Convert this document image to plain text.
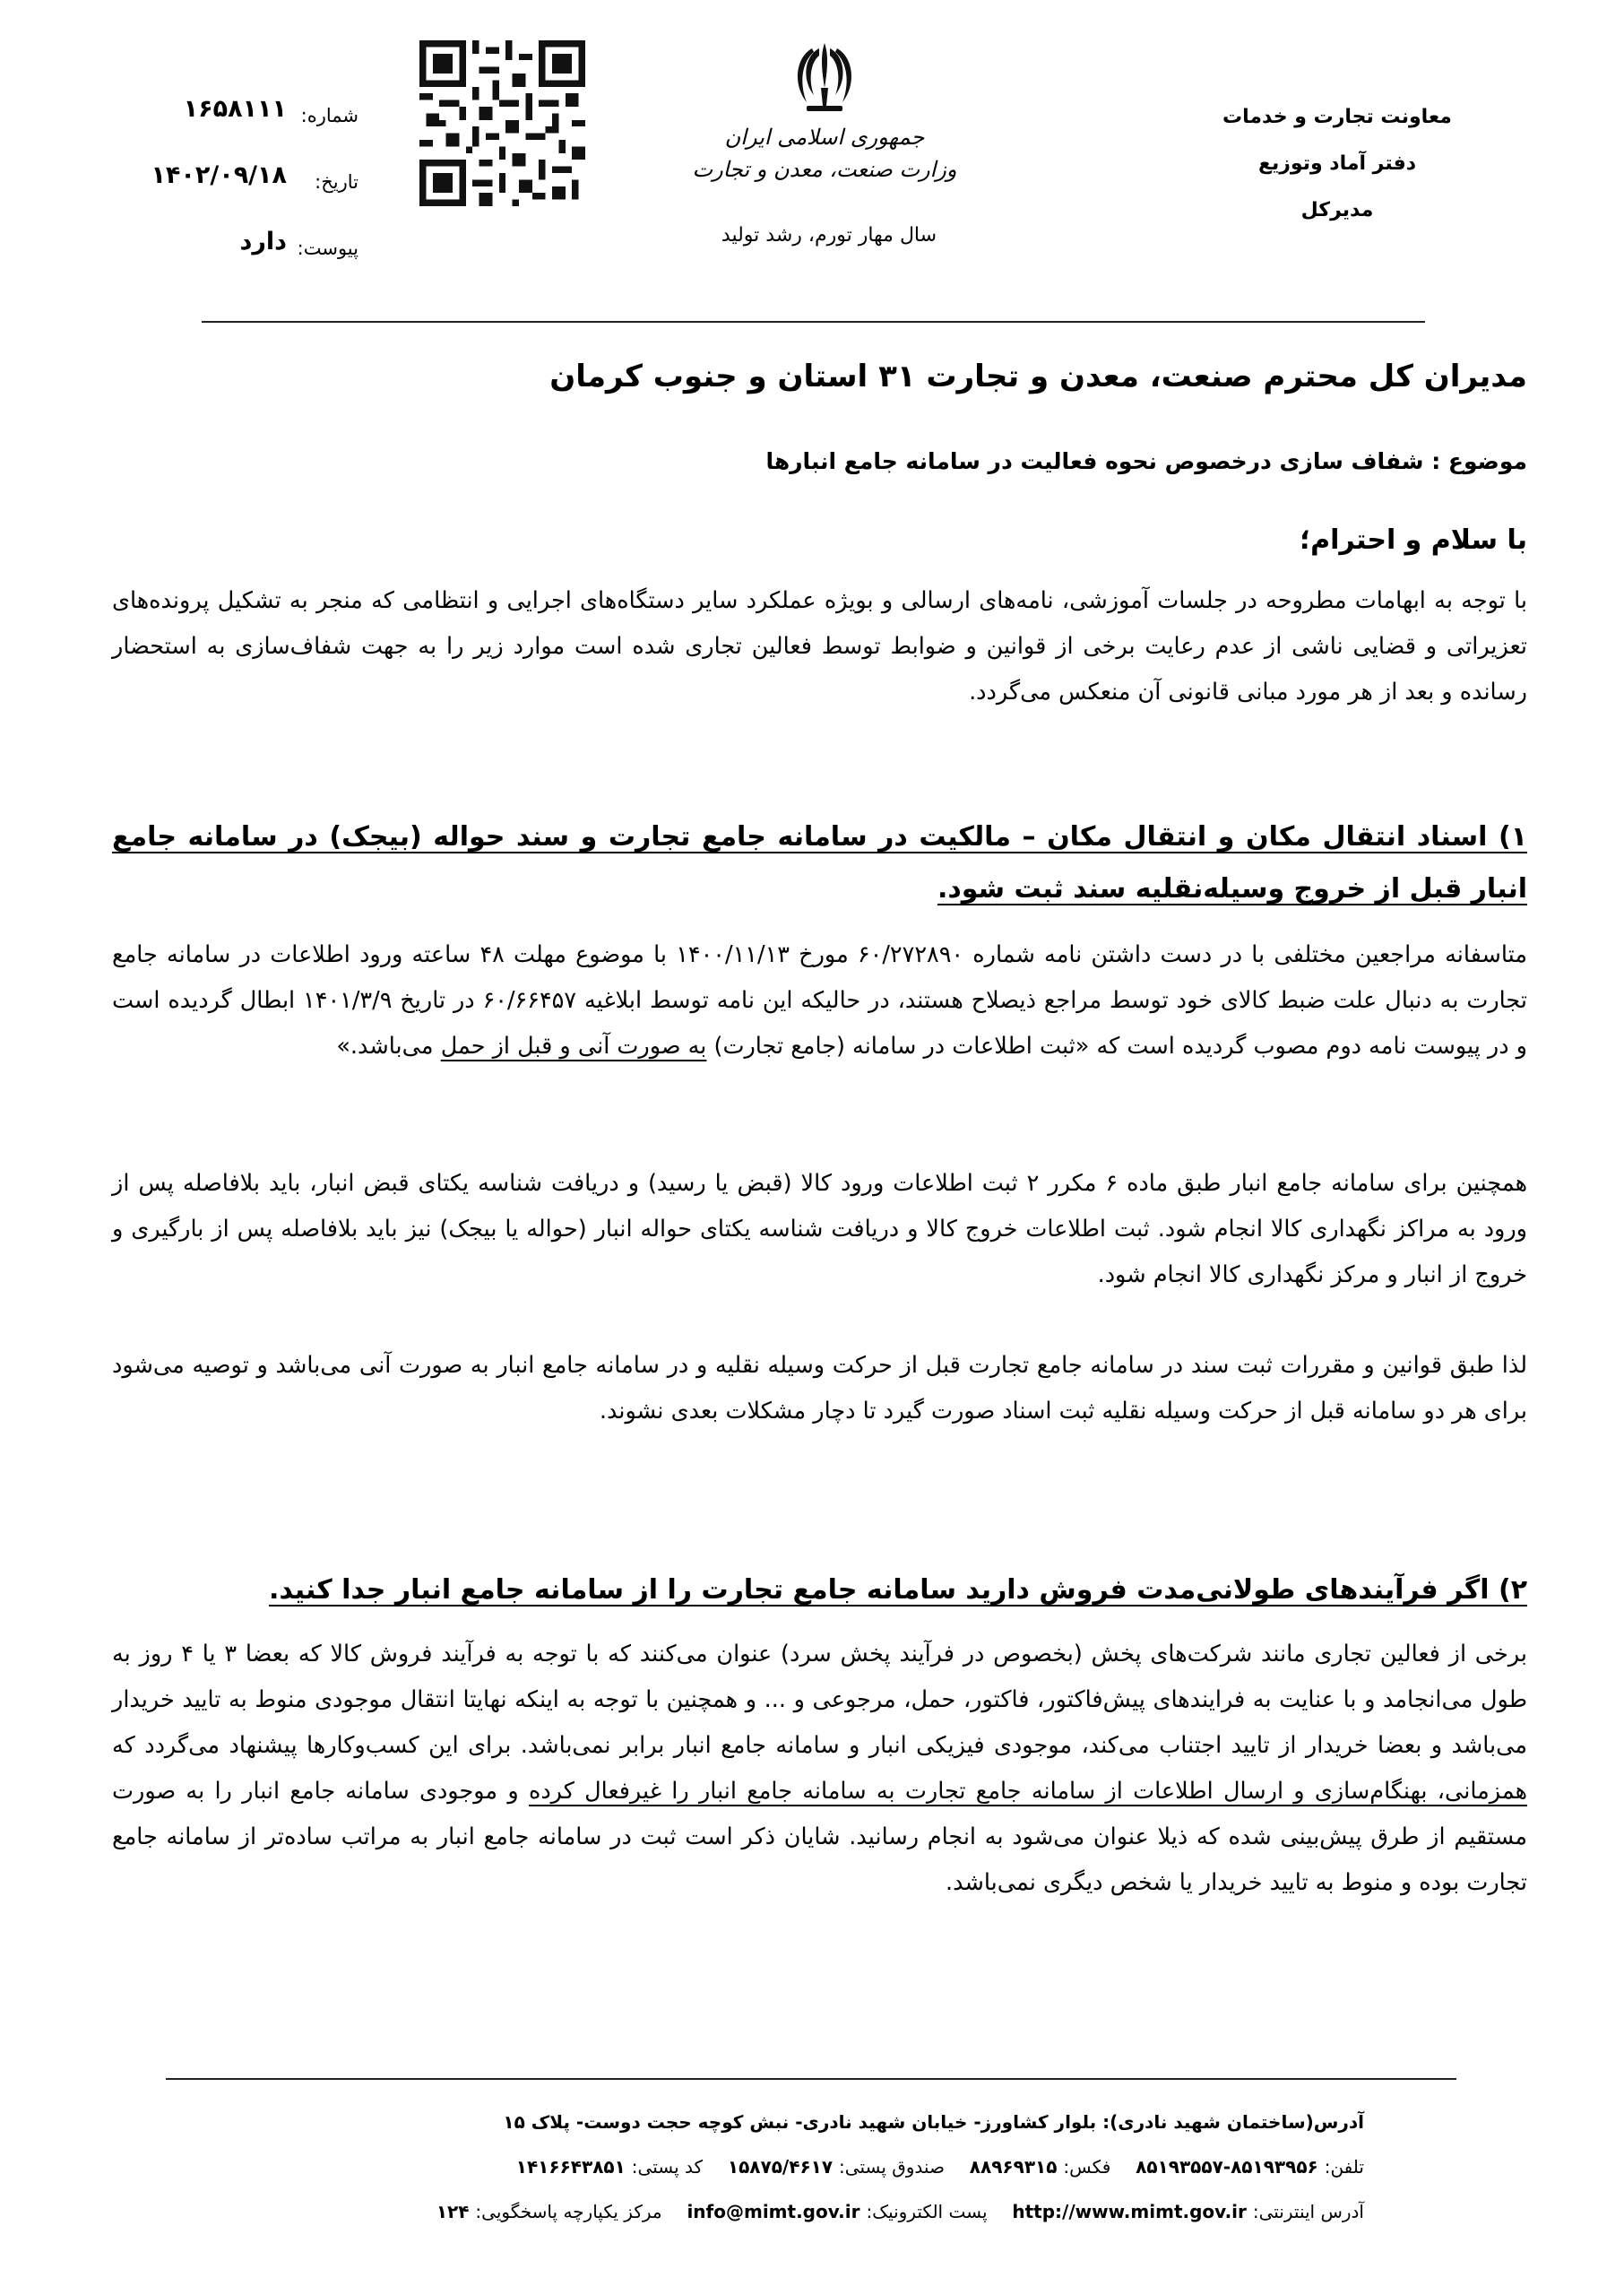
معاونت تجارت و خدمات
دفتر آماد وتوزیع
مدیرکل
جمهوری اسلامی ایران
وزارت صنعت، معدن و تجارت
سال مهار تورم، رشد تولید
شماره:
تاریخ:
پیوست:
۱۶۵۸۱۱۱
۱۴۰۲/۰۹/۱۸
دارد
مدیران کل محترم صنعت، معدن و تجارت ۳۱ استان و جنوب کرمان
موضوع : شفاف سازی درخصوص نحوه فعالیت در سامانه جامع انبارها
با سلام و احترام؛
با توجه به ابهامات مطروحه در جلسات آموزشی، نامه‌های ارسالی و بویژه عملکرد سایر دستگاه‌های اجرایی و انتظامی که منجر به تشکیل پرونده‌های تعزیراتی و قضایی ناشی از عدم رعایت برخی از قوانین و ضوابط توسط فعالین تجاری شده است موارد زیر را به جهت شفاف‌سازی به استحضار رسانده و بعد از هر مورد مبانی قانونی آن منعکس می‌گردد.
۱) اسناد انتقال مکان و انتقال مکان – مالکیت در سامانه جامع تجارت و سند حواله (بیجک) در سامانه جامع انبار قبل از خروج وسیله‌نقلیه سند ثبت شود.
متاسفانه مراجعین مختلفی با در دست داشتن نامه شماره ۶۰/۲۷۲۸۹۰ مورخ ۱۴۰۰/۱۱/۱۳ با موضوع مهلت ۴۸ ساعته ورود اطلاعات در سامانه جامع تجارت به دنبال علت ضبط کالای خود توسط مراجع ذیصلاح هستند، در حالیکه این نامه توسط ابلاغیه ۶۰/۶۶۴۵۷ در تاریخ ۱۴۰۱/۳/۹ ابطال گردیده است و در پیوست نامه دوم مصوب گردیده است که «ثبت اطلاعات در سامانه (جامع تجارت) به صورت آنی و قبل از حمل می‌باشد.»
همچنین برای سامانه جامع انبار طبق ماده ۶ مکرر ۲ ثبت اطلاعات ورود کالا (قبض یا رسید) و دریافت شناسه یکتای قبض انبار، باید بلافاصله پس از ورود به مراکز نگهداری کالا انجام شود. ثبت اطلاعات خروج کالا و دریافت شناسه یکتای حواله انبار (حواله یا بیجک) نیز باید بلافاصله پس از بارگیری و خروج از انبار و مرکز نگهداری کالا انجام شود.
لذا طبق قوانین و مقررات ثبت سند در سامانه جامع تجارت قبل از حرکت وسیله نقلیه و در سامانه جامع انبار به صورت آنی می‌باشد و توصیه می‌شود برای هر دو سامانه قبل از حرکت وسیله نقلیه ثبت اسناد صورت گیرد تا دچار مشکلات بعدی نشوند.
۲) اگر فرآیندهای طولانی‌مدت فروش دارید سامانه جامع تجارت را از سامانه جامع انبار جدا کنید.
برخی از فعالین تجاری مانند شرکت‌های پخش (بخصوص در فرآیند پخش سرد) عنوان می‌کنند که با توجه به فرآیند فروش کالا که بعضا ۳ یا ۴ روز به طول می‌انجامد و با عنایت به فرایندهای پیش‌فاکتور، فاکتور، حمل، مرجوعی و ... و همچنین با توجه به اینکه نهایتا انتقال موجودی منوط به تایید خریدار می‌باشد و بعضا خریدار از تایید اجتناب می‌کند، موجودی فیزیکی انبار و سامانه جامع انبار برابر نمی‌باشد. برای این کسب‌وکارها پیشنهاد می‌گردد که همزمانی، بهنگام‌سازی و ارسال اطلاعات از سامانه جامع تجارت به سامانه جامع انبار را غیرفعال کرده و موجودی سامانه جامع انبار را به صورت مستقیم از طرق پیش‌بینی شده که ذیلا عنوان می‌شود به انجام رسانید. شایان ذکر است ثبت در سامانه جامع انبار به مراتب ساده‌تر از سامانه جامع تجارت بوده و منوط به تایید خریدار یا شخص دیگری نمی‌باشد.
آدرس(ساختمان شهید نادری): بلوار کشاورز- خیابان شهید نادری- نبش کوچه حجت دوست- پلاک ۱۵
تلفن: ۸۵۱۹۳۹۵۶-۸۵۱۹۳۵۵۷    فکس: ۸۸۹۶۹۳۱۵    صندوق پستی: ۱۵۸۷۵/۴۶۱۷    کد پستی: ۱۴۱۶۶۴۳۸۵۱
آدرس اینترنتی: http://www.mimt.gov.ir    پست الکترونیک: info@mimt.gov.ir    مرکز یکپارچه پاسخگویی: ۱۲۴
